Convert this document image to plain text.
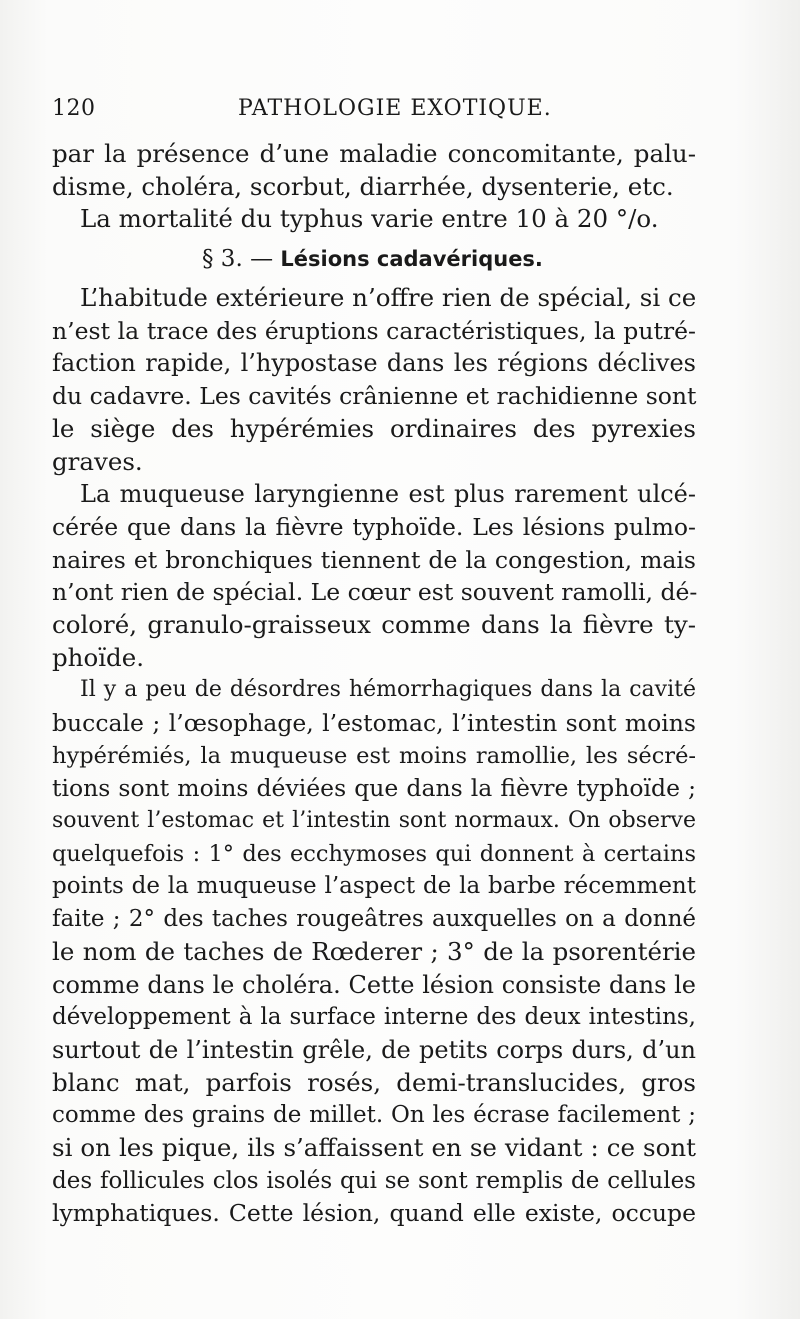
120	PATHOLOGIE EXOTIQUE.
par la présence d’une maladie concomitante, palu-
disme, choléra, scorbut, diarrhée, dysenterie, etc.
La mortalité du typhus varie entre 10 à 20 °/o.
§ 3. — Lésions cadavériques.
L’habitude extérieure n’offre rien de spécial, si ce
n’est la trace des éruptions caractéristiques, la putré-
faction rapide, l’hypostase dans les régions déclives
du cadavre. Les cavités crânienne et rachidienne sont
le siège des hypérémies ordinaires des pyrexies
graves.
La muqueuse laryngienne est plus rarement ulcé-
cérée que dans la fièvre typhoïde. Les lésions pulmo-
naires et bronchiques tiennent de la congestion, mais
n’ont rien de spécial. Le cœur est souvent ramolli, dé-
coloré, granulo-graisseux comme dans la fièvre ty-
phoïde.
Il y a peu de désordres hémorrhagiques dans la cavité
buccale ; l’œsophage, l’estomac, l’intestin sont moins
hypérémiés, la muqueuse est moins ramollie, les sécré-
tions sont moins déviées que dans la fièvre typhoïde ;
souvent l’estomac et l’intestin sont normaux. On observe
quelquefois : 1° des ecchymoses qui donnent à certains
points de la muqueuse l’aspect de la barbe récemment
faite ; 2° des taches rougeâtres auxquelles on a donné
le nom de taches de Rœderer ; 3° de la psorentérie
comme dans le choléra. Cette lésion consiste dans le
développement à la surface interne des deux intestins,
surtout de l’intestin grêle, de petits corps durs, d’un
blanc mat, parfois rosés, demi-translucides, gros
comme des grains de millet. On les écrase facilement ;
si on les pique, ils s’affaissent en se vidant : ce sont
des follicules clos isolés qui se sont remplis de cellules
lymphatiques. Cette lésion, quand elle existe, occupe
